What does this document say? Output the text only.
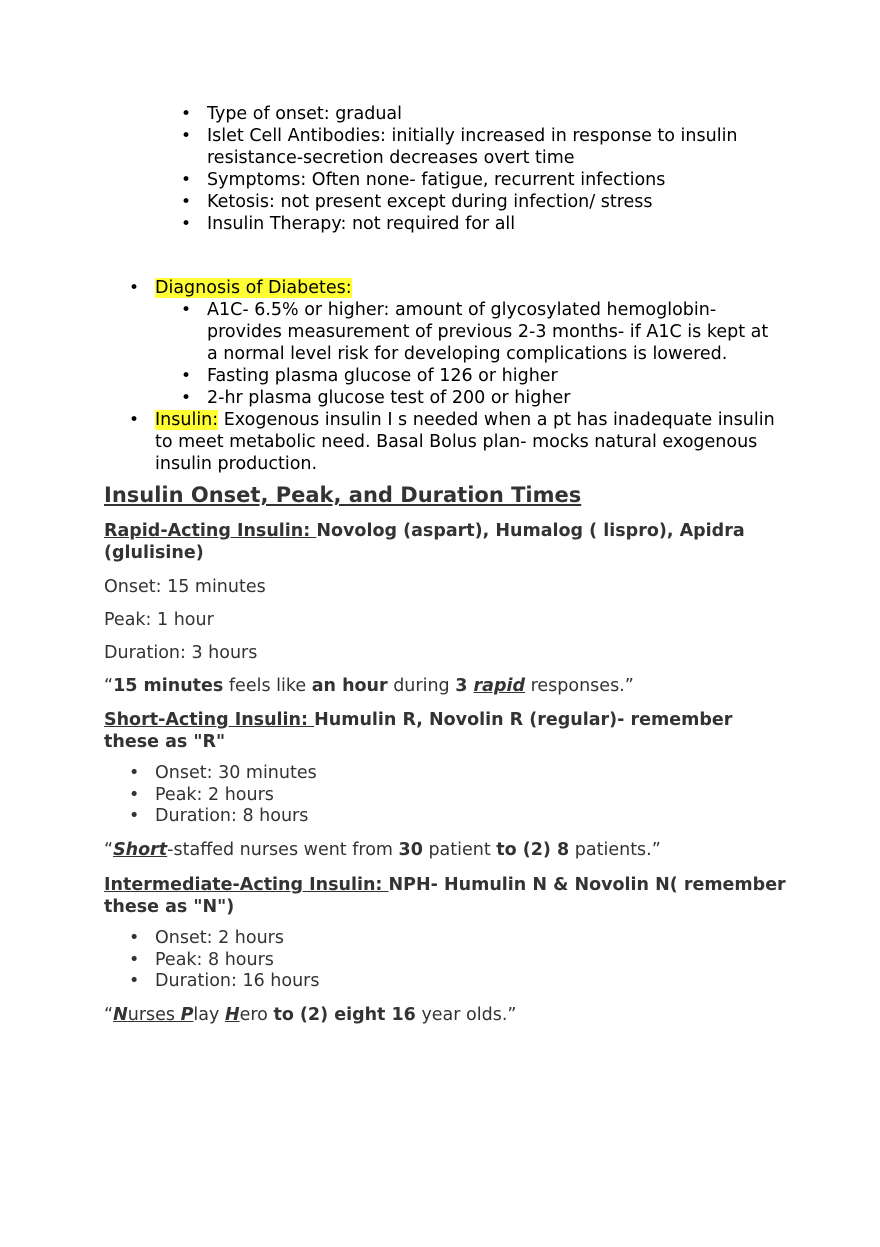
• Type of onset: gradual
• Islet Cell Antibodies: initially increased in response to insulin resistance-secretion decreases overt time
• Symptoms: Often none- fatigue, recurrent infections
• Ketosis: not present except during infection/ stress
• Insulin Therapy: not required for all
• Diagnosis of Diabetes:
• A1C- 6.5% or higher: amount of glycosylated hemoglobin- provides measurement of previous 2-3 months- if A1C is kept at a normal level risk for developing complications is lowered.
• Fasting plasma glucose of 126 or higher
• 2-hr plasma glucose test of 200 or higher
• Insulin: Exogenous insulin I s needed when a pt has inadequate insulin to meet metabolic need. Basal Bolus plan- mocks natural exogenous insulin production.
Insulin Onset, Peak, and Duration Times
Rapid-Acting Insulin: Novolog (aspart), Humalog ( lispro), Apidra (glulisine)
Onset: 15 minutes
Peak: 1 hour
Duration: 3 hours
“15 minutes feels like an hour during 3 rapid responses.”
Short-Acting Insulin: Humulin R, Novolin R (regular)- remember these as "R"
• Onset: 30 minutes
• Peak: 2 hours
• Duration: 8 hours
“Short-staffed nurses went from 30 patient to (2) 8 patients.”
Intermediate-Acting Insulin: NPH- Humulin N & Novolin N( remember these as "N")
• Onset: 2 hours
• Peak: 8 hours
• Duration: 16 hours
“Nurses Play Hero to (2) eight 16 year olds.”
